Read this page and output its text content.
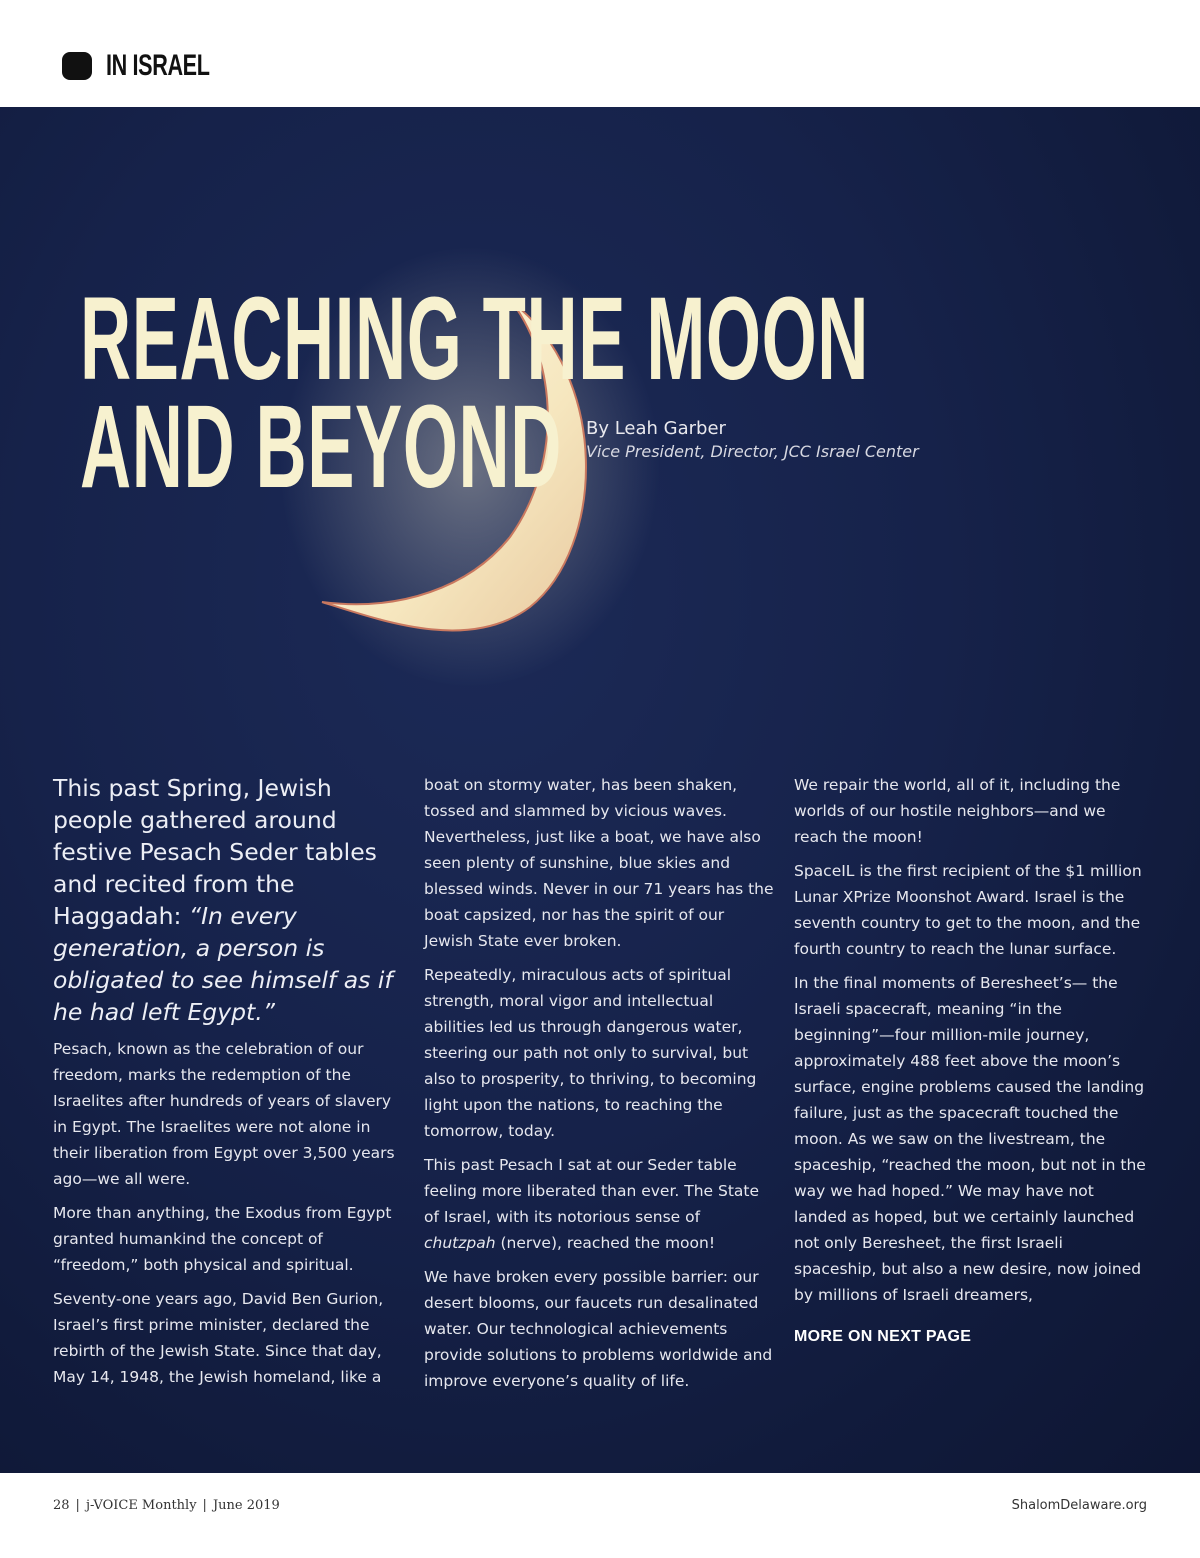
IN ISRAEL
REACHING THE MOON
AND BEYOND	By Leah Garber
Vice President, Director, JCC Israel Center

This past Spring, Jewish people gathered around festive Pesach Seder tables and recited from the Haggadah: “In every generation, a person is obligated to see himself as if he had left Egypt.”

Pesach, known as the celebration of our freedom, marks the redemption of the Israelites after hundreds of years of slavery in Egypt. The Israelites were not alone in their liberation from Egypt over 3,500 years ago—we all were.

More than anything, the Exodus from Egypt granted humankind the concept of “freedom,” both physical and spiritual.

Seventy-one years ago, David Ben Gurion, Israel’s first prime minister, declared the rebirth of the Jewish State. Since that day, May 14, 1948, the Jewish homeland, like a

boat on stormy water, has been shaken, tossed and slammed by vicious waves. Nevertheless, just like a boat, we have also seen plenty of sunshine, blue skies and blessed winds. Never in our 71 years has the boat capsized, nor has the spirit of our Jewish State ever broken.

Repeatedly, miraculous acts of spiritual strength, moral vigor and intellectual abilities led us through dangerous water, steering our path not only to survival, but also to prosperity, to thriving, to becoming light upon the nations, to reaching the tomorrow, today.

This past Pesach I sat at our Seder table feeling more liberated than ever. The State of Israel, with its notorious sense of chutzpah (nerve), reached the moon!

We have broken every possible barrier: our desert blooms, our faucets run desalinated water. Our technological achievements provide solutions to problems worldwide and improve everyone’s quality of life.

We repair the world, all of it, including the worlds of our hostile neighbors—and we reach the moon!

SpaceIL is the first recipient of the $1 million Lunar XPrize Moonshot Award. Israel is the seventh country to get to the moon, and the fourth country to reach the lunar surface.

In the final moments of Beresheet’s— the Israeli spacecraft, meaning “in the beginning”—four million-mile journey, approximately 488 feet above the moon’s surface, engine problems caused the landing failure, just as the spacecraft touched the moon. As we saw on the livestream, the spaceship, “reached the moon, but not in the way we had hoped.” We may have not landed as hoped, but we certainly launched not only Beresheet, the first Israeli spaceship, but also a new desire, now joined by millions of Israeli dreamers,

MORE ON NEXT PAGE
28 | j-VOICE Monthly | June 2019	ShalomDelaware.org
